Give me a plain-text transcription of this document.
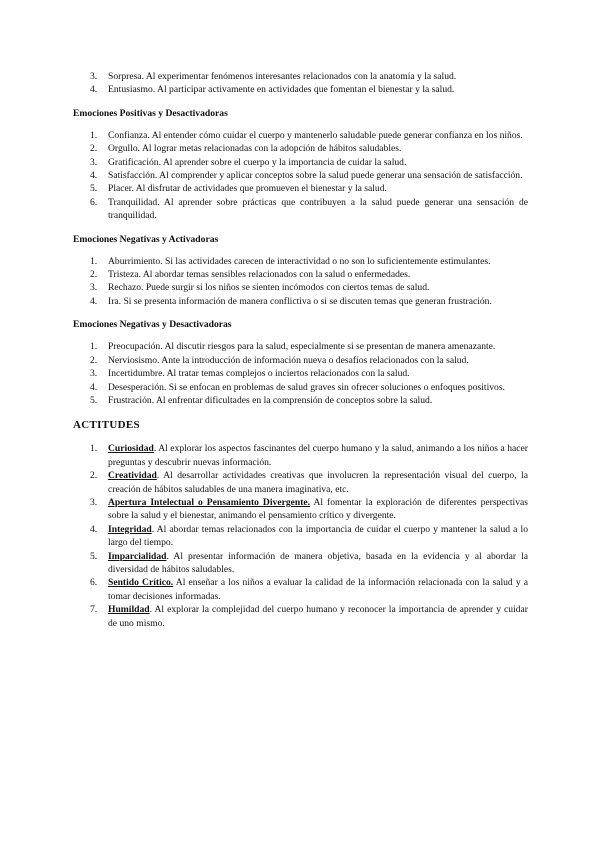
3. Sorpresa. Al experimentar fenómenos interesantes relacionados con la anatomía y la salud.
4. Entusiasmo. Al participar activamente en actividades que fomentan el bienestar y la salud.
Emociones Positivas y Desactivadoras
1. Confianza. Al entender cómo cuidar el cuerpo y mantenerlo saludable puede generar confianza en los niños.
2. Orgullo. Al lograr metas relacionadas con la adopción de hábitos saludables.
3. Gratificación. Al aprender sobre el cuerpo y la importancia de cuidar la salud.
4. Satisfacción. Al comprender y aplicar conceptos sobre la salud puede generar una sensación de satisfacción.
5. Placer. Al disfrutar de actividades que promueven el bienestar y la salud.
6. Tranquilidad. Al aprender sobre prácticas que contribuyen a la salud puede generar una sensación de tranquilidad.
Emociones Negativas y Activadoras
1. Aburrimiento. Si las actividades carecen de interactividad o no son lo suficientemente estimulantes.
2. Tristeza. Al abordar temas sensibles relacionados con la salud o enfermedades.
3. Rechazo. Puede surgir si los niños se sienten incómodos con ciertos temas de salud.
4. Ira. Si se presenta información de manera conflictiva o si se discuten temas que generan frustración.
Emociones Negativas y Desactivadoras
1. Preocupación. Al discutir riesgos para la salud, especialmente si se presentan de manera amenazante.
2. Nerviosismo. Ante la introducción de información nueva o desafíos relacionados con la salud.
3. Incertidumbre. Al tratar temas complejos o inciertos relacionados con la salud.
4. Desesperación. Si se enfocan en problemas de salud graves sin ofrecer soluciones o enfoques positivos.
5. Frustración. Al enfrentar dificultades en la comprensión de conceptos sobre la salud.
ACTITUDES
1. Curiosidad. Al explorar los aspectos fascinantes del cuerpo humano y la salud, animando a los niños a hacer preguntas y descubrir nuevas información.
2. Creatividad. Al desarrollar actividades creativas que involucren la representación visual del cuerpo, la creación de hábitos saludables de una manera imaginativa, etc.
3. Apertura Intelectual o Pensamiento Divergente. Al fomentar la exploración de diferentes perspectivas sobre la salud y el bienestar, animando el pensamiento crítico y divergente.
4. Integridad. Al abordar temas relacionados con la importancia de cuidar el cuerpo y mantener la salud a lo largo del tiempo.
5. Imparcialidad. Al presentar información de manera objetiva, basada en la evidencia y al abordar la diversidad de hábitos saludables.
6. Sentido Crítico. Al enseñar a los niños a evaluar la calidad de la información relacionada con la salud y a tomar decisiones informadas.
7. Humildad. Al explorar la complejidad del cuerpo humano y reconocer la importancia de aprender y cuidar de uno mismo.
